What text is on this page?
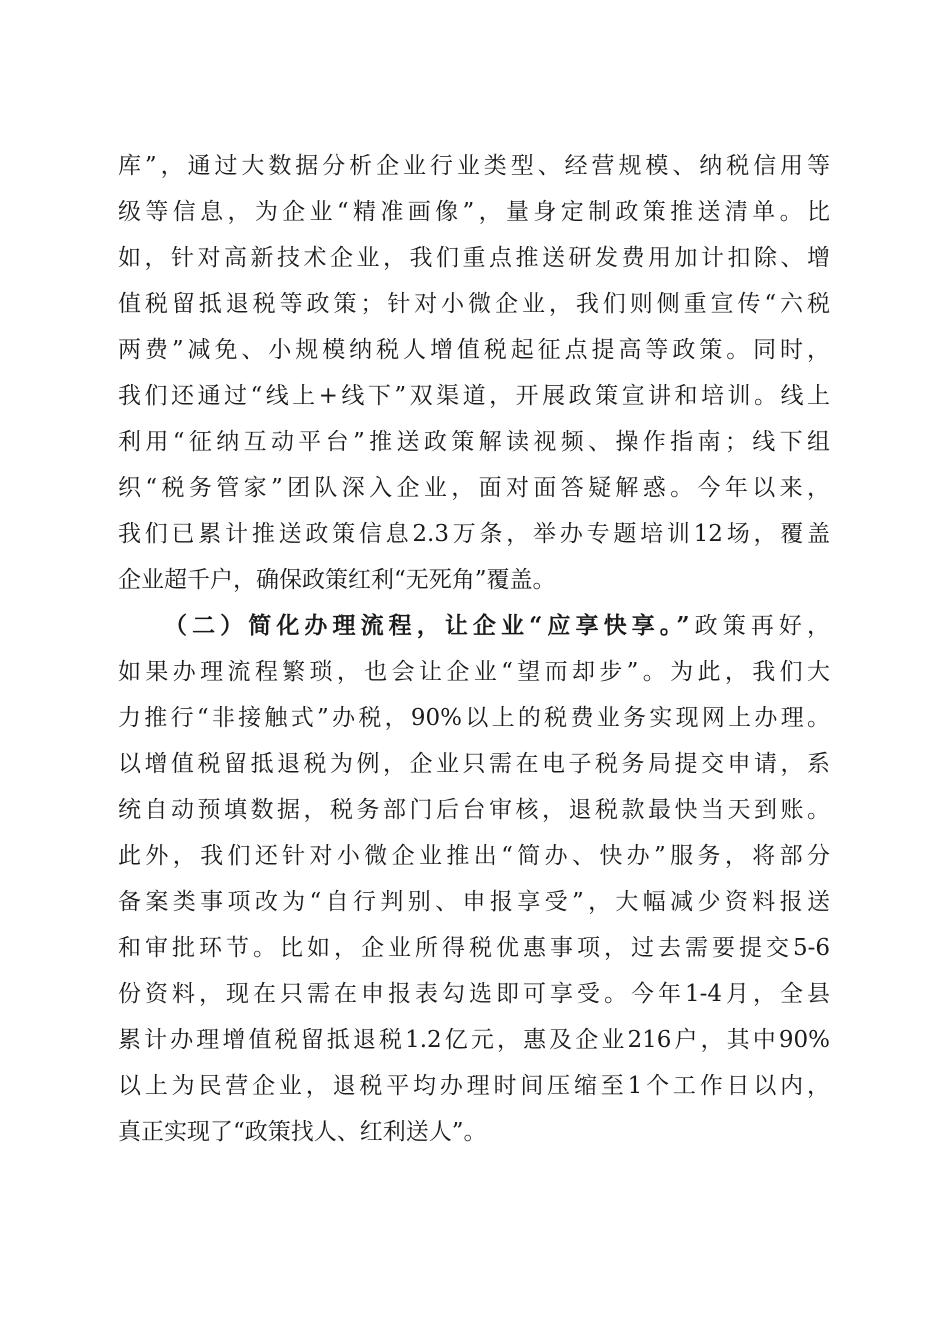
库”，通过大数据分析企业行业类型、经营规模、纳税信用等
级等信息，为企业“精准画像”，量身定制政策推送清单。比
如，针对高新技术企业，我们重点推送研发费用加计扣除、增
值税留抵退税等政策；针对小微企业，我们则侧重宣传“六税
两费”减免、小规模纳税人增值税起征点提高等政策。同时，
我们还通过“线上+线下”双渠道，开展政策宣讲和培训。线上
利用“征纳互动平台”推送政策解读视频、操作指南；线下组
织“税务管家”团队深入企业，面对面答疑解惑。今年以来，
我们已累计推送政策信息2.3万条，举办专题培训12场，覆盖
企业超千户，确保政策红利“无死角”覆盖。
（二）简化办理流程，让企业“应享快享。”政策再好，
如果办理流程繁琐，也会让企业“望而却步”。为此，我们大
力推行“非接触式”办税，90%以上的税费业务实现网上办理。
以增值税留抵退税为例，企业只需在电子税务局提交申请，系
统自动预填数据，税务部门后台审核，退税款最快当天到账。
此外，我们还针对小微企业推出“简办、快办”服务，将部分
备案类事项改为“自行判别、申报享受”，大幅减少资料报送
和审批环节。比如，企业所得税优惠事项，过去需要提交5-6
份资料，现在只需在申报表勾选即可享受。今年1-4月，全县
累计办理增值税留抵退税1.2亿元，惠及企业216户，其中90%
以上为民营企业，退税平均办理时间压缩至1个工作日以内，
真正实现了“政策找人、红利送人”。
